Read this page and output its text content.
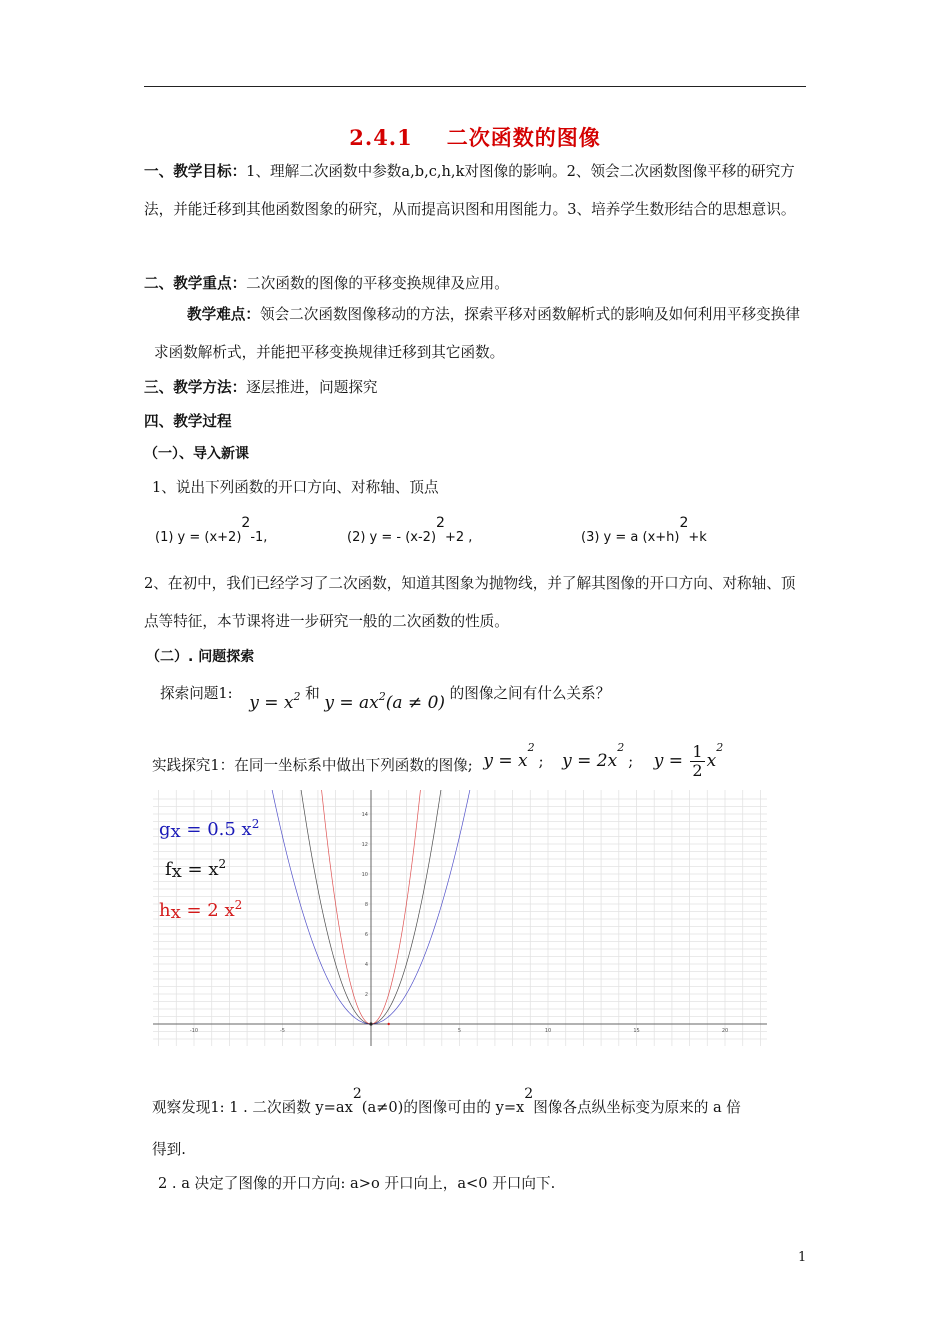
2.4.1 二次函数的图像
一、教学目标：1、理解二次函数中参数a,b,c,h,k对图像的影响。2、领会二次函数图像平移的研究方法，并能迁移到其他函数图象的研究，从而提高识图和用图能力。3、培养学生数形结合的思想意识。
二、教学重点：二次函数的图像的平移变换规律及应用。
教学难点：领会二次函数图像移动的方法，探索平移对函数解析式的影响及如何利用平移变换律求函数解析式，并能把平移变换规律迁移到其它函数。
三、教学方法：逐层推进，问题探究
四、教学过程
（一）、导入新课
1、说出下列函数的开口方向、对称轴、顶点
(1) y = (x+2)2-1,	(2) y = - (x-2)2+2 ,	(3) y = a (x+h)2+k
2、在初中，我们已经学习了二次函数，知道其图象为抛物线，并了解其图像的开口方向、对称轴、顶点等特征，本节课将进一步研究一般的二次函数的性质。
（二）. 问题探索
探索问题1: $y = x^2$ 和 $y = ax^2(a \ne 0)$ 的图像之间有什么关系？
实践探究1：在同一坐标系中做出下列函数的图像; $y = x^2$; $y = 2x^2$; $y = \frac{1}{2} x^2$
-10	-5	5	10	15	20
2
4
6
8
10
12
14
gx = 0.5 $x^2$
fx = $x^2$
hx = 2 $x^2$
观察发现1: 1 . 二次函数 y=ax2(a≠0)的图像可由的 y=x2图像各点纵坐标变为原来的 a 倍
得到.
2 . a 决定了图像的开口方向: a>o 开口向上，a<0 开口向下.
1
